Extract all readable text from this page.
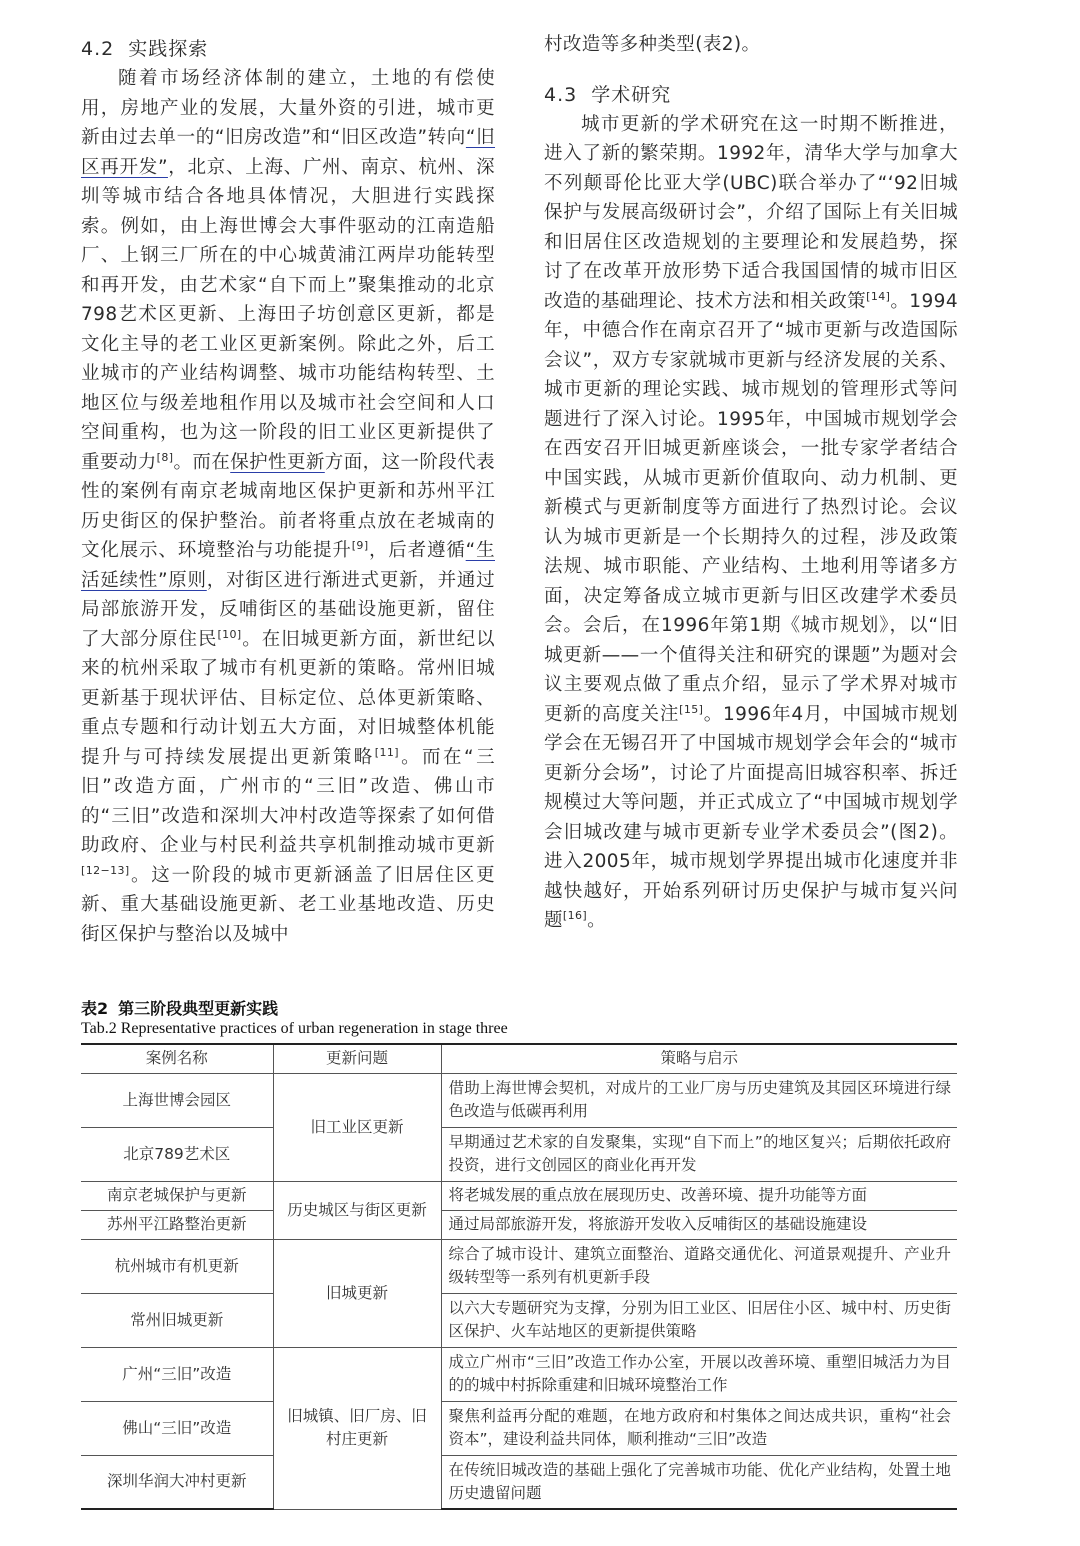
4.2 实践探索

随着市场经济体制的建立，土地的有偿使用，房地产业的发展，大量外资的引进，城市更新由过去单一的“旧房改造”和“旧区改造”转向“旧区再开发”，北京、上海、广州、南京、杭州、深圳等城市结合各地具体情况，大胆进行实践探索。例如，由上海世博会大事件驱动的江南造船厂、上钢三厂所在的中心城黄浦江两岸功能转型和再开发，由艺术家“自下而上”聚集推动的北京798艺术区更新、上海田子坊创意区更新，都是文化主导的老工业区更新案例。除此之外，后工业城市的产业结构调整、城市功能结构转型、土地区位与级差地租作用以及城市社会空间和人口空间重构，也为这一阶段的旧工业区更新提供了重要动力[8]。而在保护性更新方面，这一阶段代表性的案例有南京老城南地区保护更新和苏州平江历史街区的保护整治。前者将重点放在老城南的文化展示、环境整治与功能提升[9]，后者遵循“生活延续性”原则，对街区进行渐进式更新，并通过局部旅游开发，反哺街区的基础设施更新，留住了大部分原住民[10]。在旧城更新方面，新世纪以来的杭州采取了城市有机更新的策略。常州旧城更新基于现状评估、目标定位、总体更新策略、重点专题和行动计划五大方面，对旧城整体机能提升与可持续发展提出更新策略[11]。而在“三旧”改造方面，广州市的“三旧”改造、佛山市的“三旧”改造和深圳大冲村改造等探索了如何借助政府、企业与村民利益共享机制推动城市更新[12−13]。这一阶段的城市更新涵盖了旧居住区更新、重大基础设施更新、老工业基地改造、历史街区保护与整治以及城中

村改造等多种类型(表2)。

4.3 学术研究

城市更新的学术研究在这一时期不断推进，进入了新的繁荣期。1992年，清华大学与加拿大不列颠哥伦比亚大学(UBC)联合举办了“‘92旧城保护与发展高级研讨会”，介绍了国际上有关旧城和旧居住区改造规划的主要理论和发展趋势，探讨了在改革开放形势下适合我国国情的城市旧区改造的基础理论、技术方法和相关政策[14]。1994年，中德合作在南京召开了“城市更新与改造国际会议”，双方专家就城市更新与经济发展的关系、城市更新的理论实践、城市规划的管理形式等问题进行了深入讨论。1995年，中国城市规划学会在西安召开旧城更新座谈会，一批专家学者结合中国实践，从城市更新价值取向、动力机制、更新模式与更新制度等方面进行了热烈讨论。会议认为城市更新是一个长期持久的过程，涉及政策法规、城市职能、产业结构、土地利用等诸多方面，决定筹备成立城市更新与旧区改建学术委员会。会后，在1996年第1期《城市规划》，以“旧城更新——一个值得关注和研究的课题”为题对会议主要观点做了重点介绍，显示了学术界对城市更新的高度关注[15]。1996年4月，中国城市规划学会在无锡召开了中国城市规划学会年会的“城市更新分会场”，讨论了片面提高旧城容积率、拆迁规模过大等问题，并正式成立了“中国城市规划学会旧城改建与城市更新专业学术委员会”(图2)。进入2005年，城市规划学界提出城市化速度并非越快越好，开始系列研讨历史保护与城市复兴问题[16]。

表2 第三阶段典型更新实践
Tab.2 Representative practices of urban regeneration in stage three
案例名称	更新问题	策略与启示
上海世博会园区	旧工业区更新	借助上海世博会契机，对成片的工业厂房与历史建筑及其园区环境进行绿色改造与低碳再利用
北京789艺术区		早期通过艺术家的自发聚集，实现“自下而上”的地区复兴；后期依托政府投资，进行文创园区的商业化再开发
南京老城保护与更新	历史城区与街区更新	将老城发展的重点放在展现历史、改善环境、提升功能等方面
苏州平江路整治更新		通过局部旅游开发，将旅游开发收入反哺街区的基础设施建设
杭州城市有机更新	旧城更新	综合了城市设计、建筑立面整治、道路交通优化、河道景观提升、产业升级转型等一系列有机更新手段
常州旧城更新		以六大专题研究为支撑，分别为旧工业区、旧居住小区、城中村、历史街区保护、火车站地区的更新提供策略
广州“三旧”改造	旧城镇、旧厂房、旧村庄更新	成立广州市“三旧”改造工作办公室，开展以改善环境、重塑旧城活力为目的的城中村拆除重建和旧城环境整治工作
佛山“三旧”改造		聚焦利益再分配的难题，在地方政府和村集体之间达成共识，重构“社会资本”，建设利益共同体，顺利推动“三旧”改造
深圳华润大冲村更新		在传统旧城改造的基础上强化了完善城市功能、优化产业结构，处置土地历史遗留问题
